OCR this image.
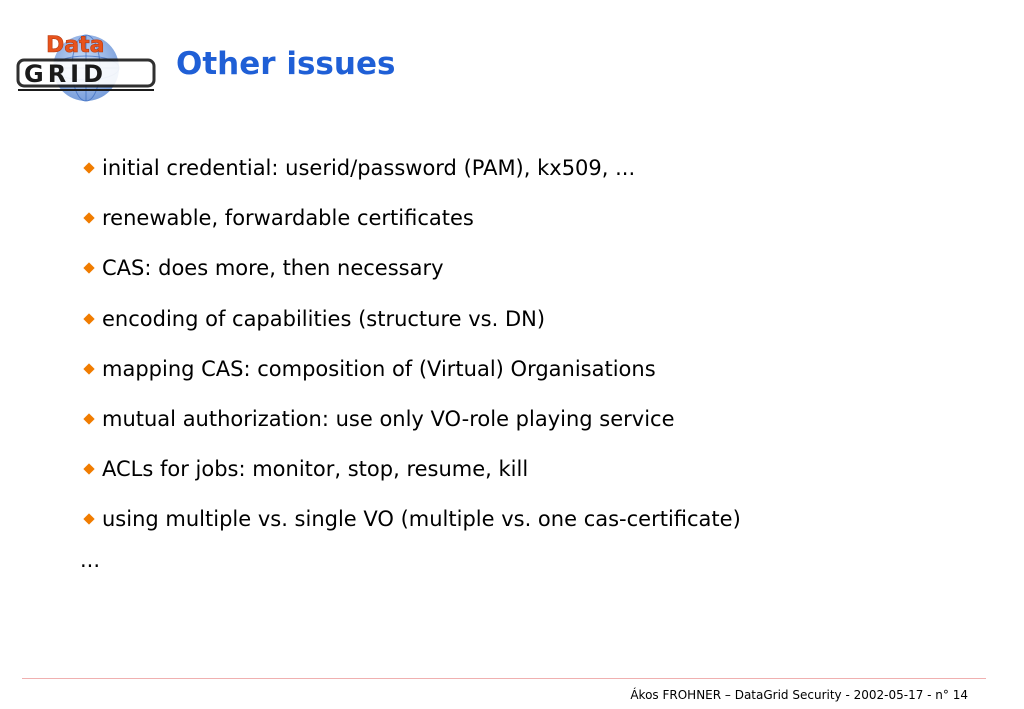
Data
GRID Other issues
initial credential: userid/password (PAM), kx509, ...
renewable, forwardable certificates
CAS: does more, then necessary
encoding of capabilities (structure vs. DN)
mapping CAS: composition of (Virtual) Organisations
mutual authorization: use only VO-role playing service
ACLs for jobs: monitor, stop, resume, kill
using multiple vs. single VO (multiple vs. one cas-certificate)
...
Ákos FROHNER – DataGrid Security - 2002-05-17 - n° 14
